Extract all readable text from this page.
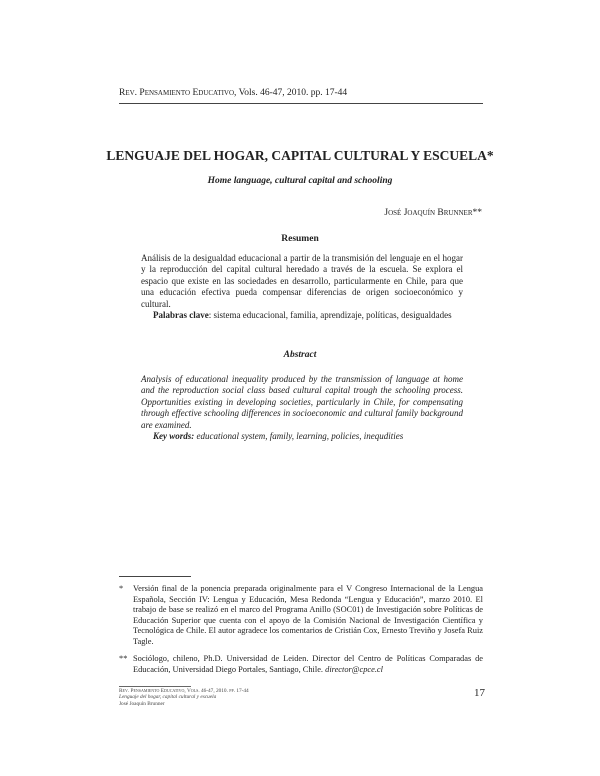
Rev. Pensamiento Educativo, Vols. 46-47, 2010. pp. 17-44
LENGUAJE DEL HOGAR, CAPITAL CULTURAL Y ESCUELA*
Home language, cultural capital and schooling
José Joaquín Brunner**
Resumen

Análisis de la desigualdad educacional a partir de la transmisión del lenguaje en el hogar y la reproducción del capital cultural heredado a través de la escuela. Se explora el espacio que existe en las sociedades en desarrollo, particularmente en Chile, para que una educación efectiva pueda compensar diferencias de origen socioeconómico y cultural.

Palabras clave: sistema educacional, familia, aprendizaje, políticas, desigualdades

Abstract

Analysis of educational inequality produced by the transmission of language at home and the reproduction social class based cultural capital trough the schooling process. Opportunities existing in developing societies, particularly in Chile, for compensating through effective schooling differences in socioeconomic and cultural family background are examined.

Key words: educational system, family, learning, policies, inequdities

* Versión final de la ponencia preparada originalmente para el V Congreso Internacional de la Lengua Española, Sección IV: Lengua y Educación, Mesa Redonda “Lengua y Educación”, marzo 2010. El trabajo de base se realizó en el marco del Programa Anillo (SOC01) de Investigación sobre Políticas de Educación Superior que cuenta con el apoyo de la Comisión Nacional de Investigación Científica y Tecnológica de Chile. El autor agradece los comentarios de Cristián Cox, Ernesto Treviño y Josefa Ruiz Tagle.
** Sociólogo, chileno, Ph.D. Universidad de Leiden. Director del Centro de Políticas Comparadas de Educación, Universidad Diego Portales, Santiago, Chile. director@cpce.cl
Rev. Pensamiento Educativo, Vols. 46-47, 2010. pp. 17-44
Lenguaje del hogar, capital cultural y escuela
José Joaquín Brunner
17
